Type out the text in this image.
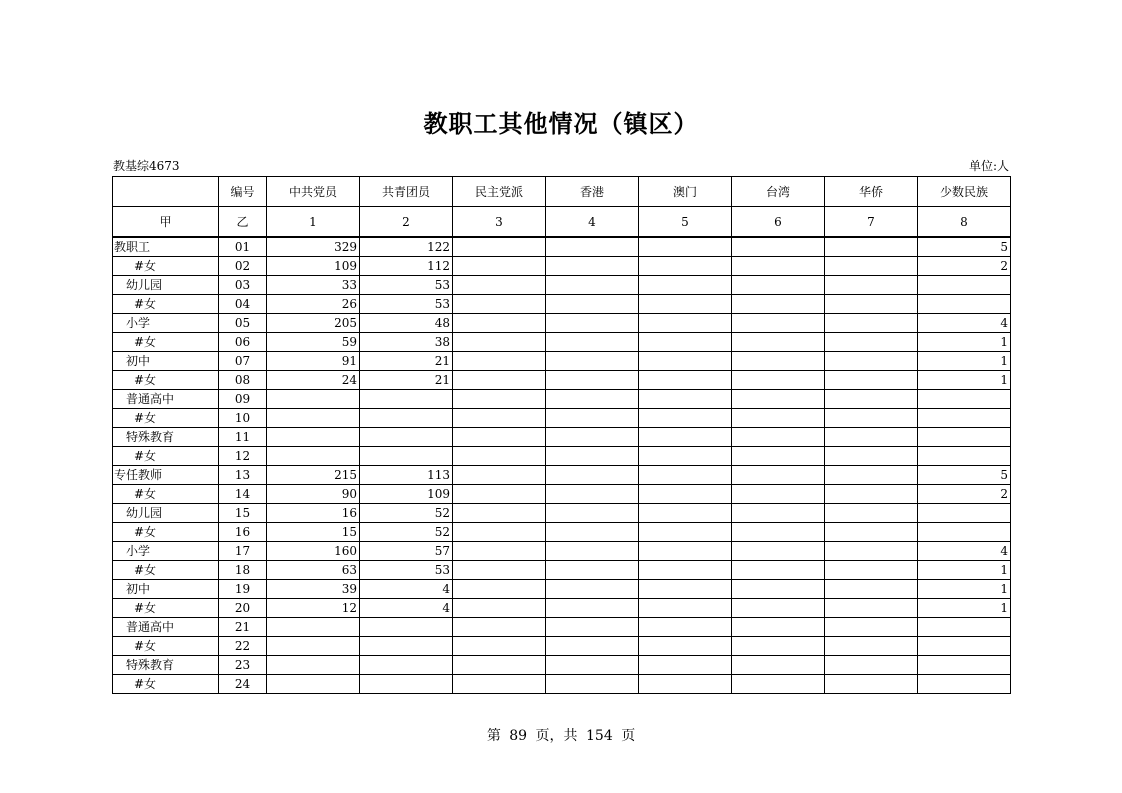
教职工其他情况（镇区）
教基综4673	单位:人
	编号	中共党员	共青团员	民主党派	香港	澳门	台湾	华侨	少数民族
甲	乙	1	2	3	4	5	6	7	8
教职工	01	329	122						5
#女	02	109	112						2
幼儿园	03	33	53						
#女	04	26	53						
小学	05	205	48						4
#女	06	59	38						1
初中	07	91	21						1
#女	08	24	21						1
普通高中	09								
#女	10								
特殊教育	11								
#女	12								
专任教师	13	215	113						5
#女	14	90	109						2
幼儿园	15	16	52						
#女	16	15	52						
小学	17	160	57						4
#女	18	63	53						1
初中	19	39	4						1
#女	20	12	4						1
普通高中	21								
#女	22								
特殊教育	23								
#女	24								
第 89 页，共 154 页
